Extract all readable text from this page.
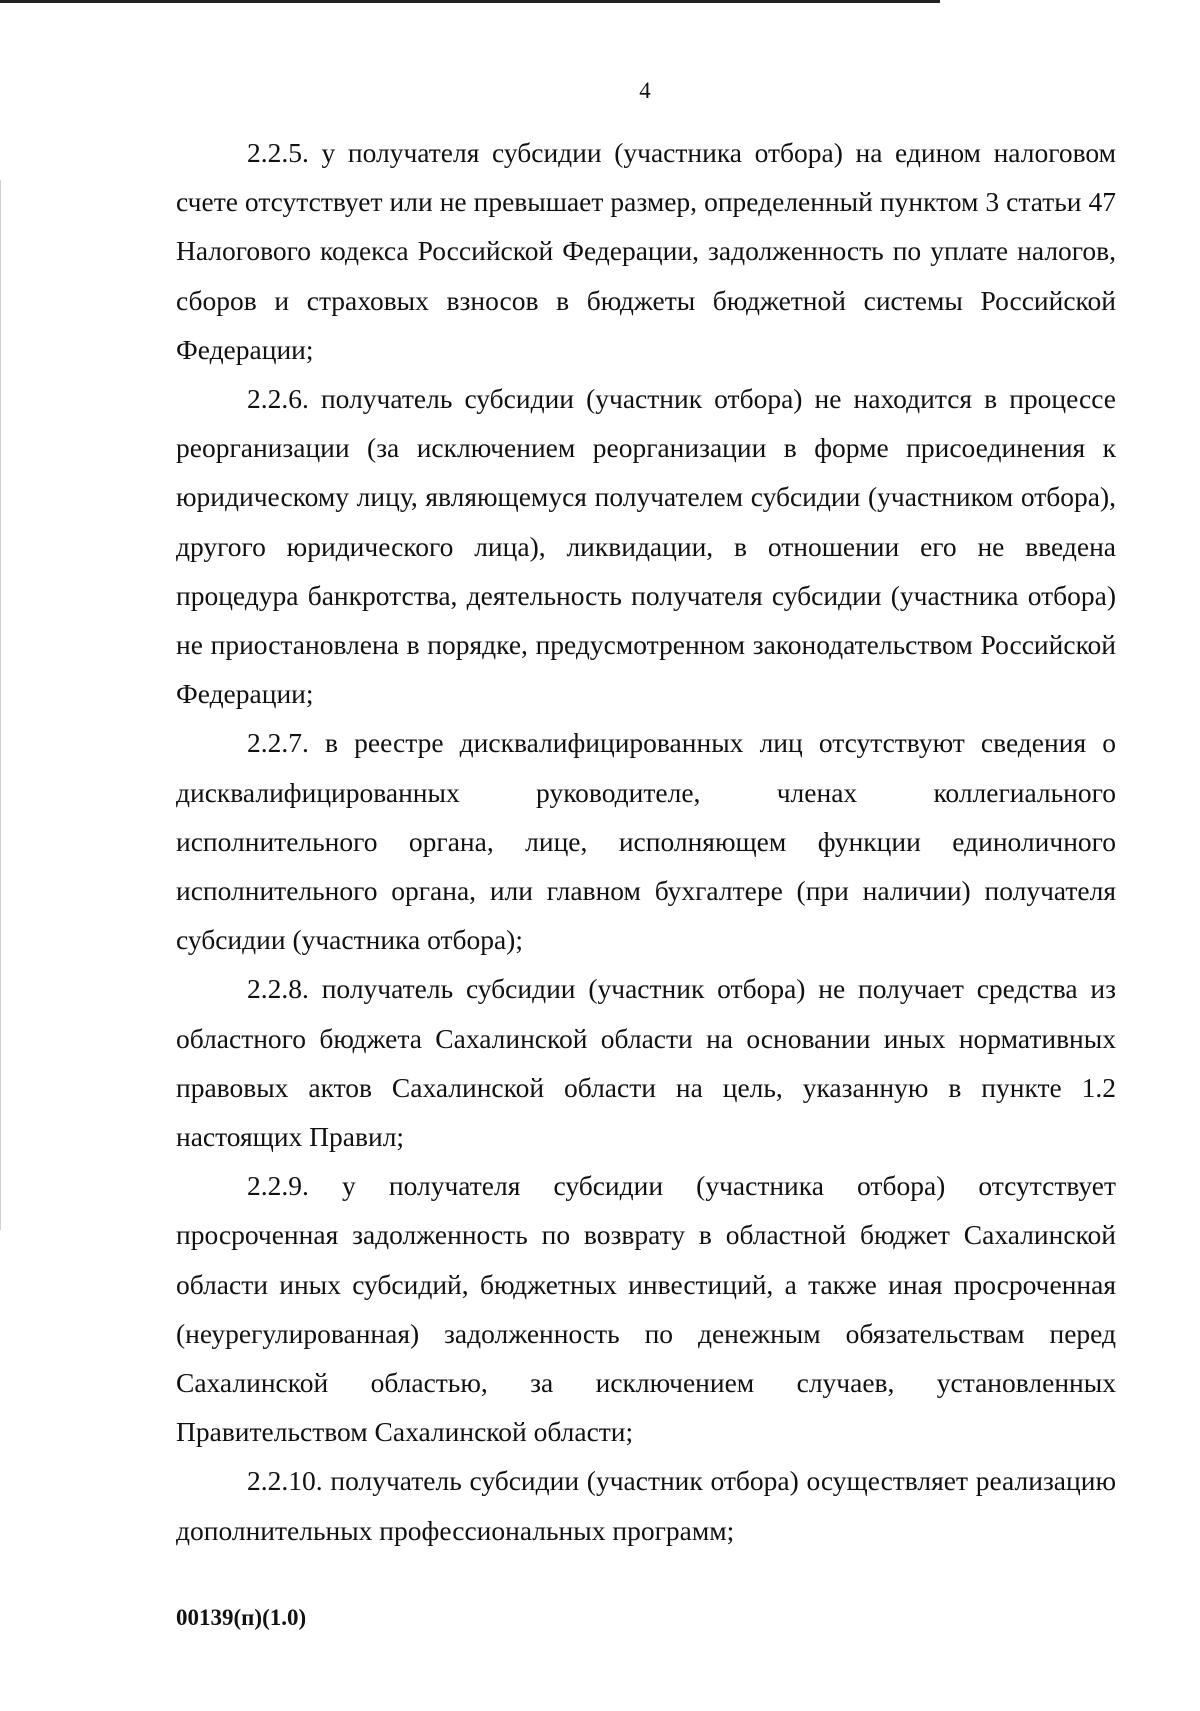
4

2.2.5. у получателя субсидии (участника отбора) на едином налоговом счете отсутствует или не превышает размер, определенный пунктом 3 статьи 47 Налогового кодекса Российской Федерации, задолженность по уплате налогов, сборов и страховых взносов в бюджеты бюджетной системы Российской Федерации;

2.2.6. получатель субсидии (участник отбора) не находится в процессе реорганизации (за исключением реорганизации в форме присоединения к юридическому лицу, являющемуся получателем субсидии (участником отбора), другого юридического лица), ликвидации, в отношении его не введена процедура банкротства, деятельность получателя субсидии (участника отбора) не приостановлена в порядке, предусмотренном законодательством Российской Федерации;

2.2.7. в реестре дисквалифицированных лиц отсутствуют сведения о дисквалифицированных руководителе, членах коллегиального исполнительного органа, лице, исполняющем функции единоличного исполнительного органа, или главном бухгалтере (при наличии) получателя субсидии (участника отбора);

2.2.8. получатель субсидии (участник отбора) не получает средства из областного бюджета Сахалинской области на основании иных нормативных правовых актов Сахалинской области на цель, указанную в пункте 1.2 настоящих Правил;

2.2.9. у получателя субсидии (участника отбора) отсутствует просроченная задолженность по возврату в областной бюджет Сахалинской области иных субсидий, бюджетных инвестиций, а также иная просроченная (неурегулированная) задолженность по денежным обязательствам перед Сахалинской областью, за исключением случаев, установленных Правительством Сахалинской области;

2.2.10. получатель субсидии (участник отбора) осуществляет реализацию дополнительных профессиональных программ;

00139(п)(1.0)
